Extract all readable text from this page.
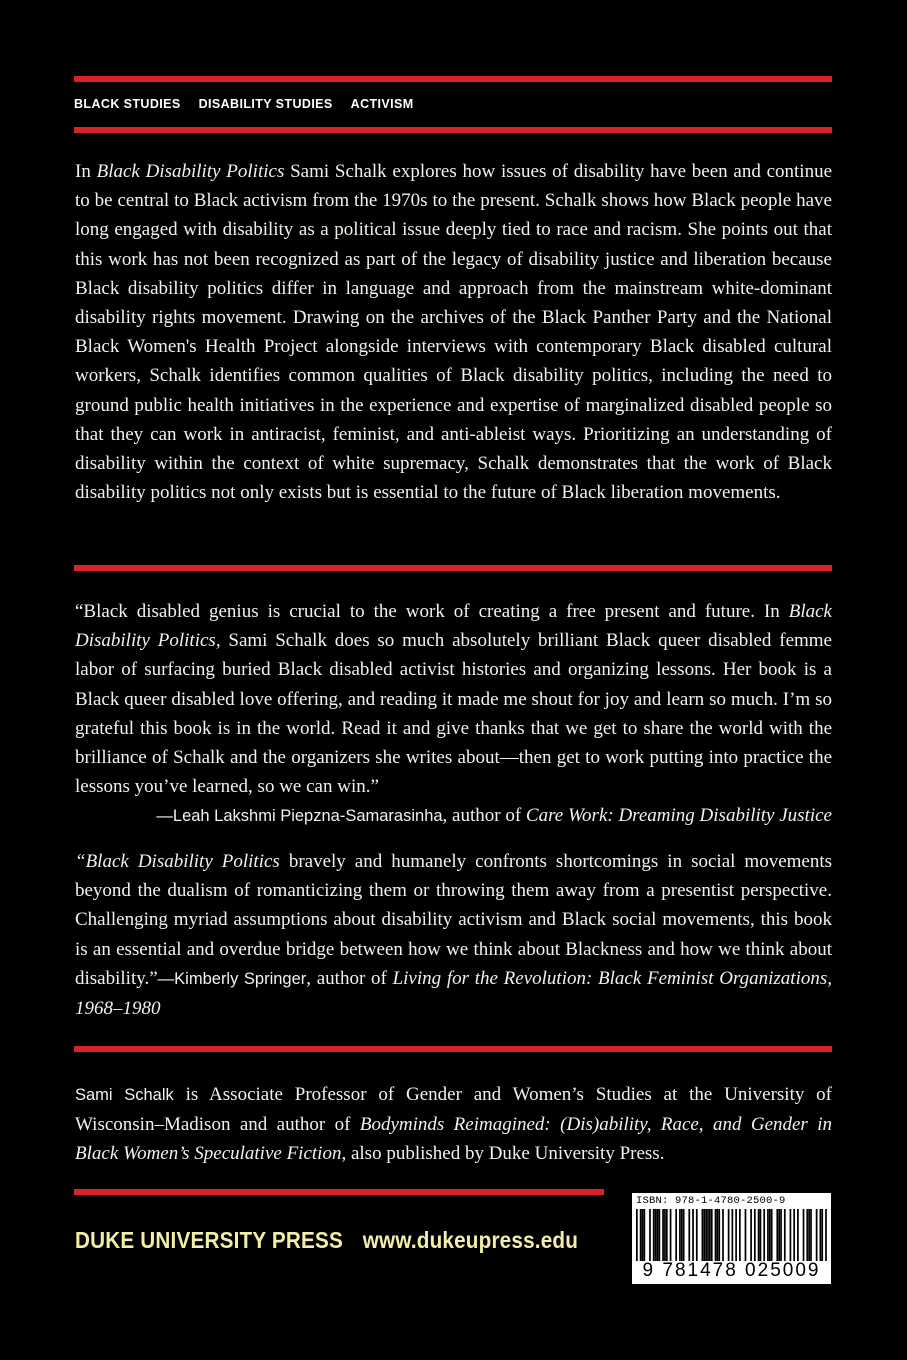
BLACK STUDIES DISABILITY STUDIES ACTIVISM

In Black Disability Politics Sami Schalk explores how issues of disability have been and continue to be central to Black activism from the 1970s to the present. Schalk shows how Black people have long engaged with disability as a political issue deeply tied to race and racism. She points out that this work has not been recognized as part of the legacy of disability justice and liberation because Black disability politics differ in language and approach from the mainstream white-dominant disability rights movement. Drawing on the archives of the Black Panther Party and the National Black Women's Health Project alongside interviews with contemporary Black disabled cultural workers, Schalk identifies common qualities of Black disability politics, including the need to ground public health initiatives in the experience and expertise of marginalized disabled people so that they can work in antiracist, feminist, and anti-ableist ways. Prioritizing an understanding of disability within the context of white supremacy, Schalk demonstrates that the work of Black disability politics not only exists but is essential to the future of Black liberation movements.

“Black disabled genius is crucial to the work of creating a free present and future. In Black Disability Politics, Sami Schalk does so much absolutely brilliant Black queer disabled femme labor of surfacing buried Black disabled activist histories and organizing lessons. Her book is a Black queer disabled love offering, and reading it made me shout for joy and learn so much. I’m so grateful this book is in the world. Read it and give thanks that we get to share the world with the brilliance of Schalk and the organizers she writes about—then get to work putting into practice the lessons you’ve learned, so we can win.”
—Leah Lakshmi Piepzna-Samarasinha, author of Care Work: Dreaming Disability Justice

“Black Disability Politics bravely and humanely confronts shortcomings in social movements beyond the dualism of romanticizing them or throwing them away from a presentist perspective. Challenging myriad assumptions about disability activism and Black social movements, this book is an essential and overdue bridge between how we think about Blackness and how we think about disability.”—Kimberly Springer, author of Living for the Revolution: Black Feminist Organizations, 1968–1980

Sami Schalk is Associate Professor of Gender and Women’s Studies at the University of Wisconsin–Madison and author of Bodyminds Reimagined: (Dis)ability, Race, and Gender in Black Women’s Speculative Fiction, also published by Duke University Press.

DUKE UNIVERSITY PRESS www.dukeupress.edu
ISBN: 978-1-4780-2500-9
9 781478 025009
